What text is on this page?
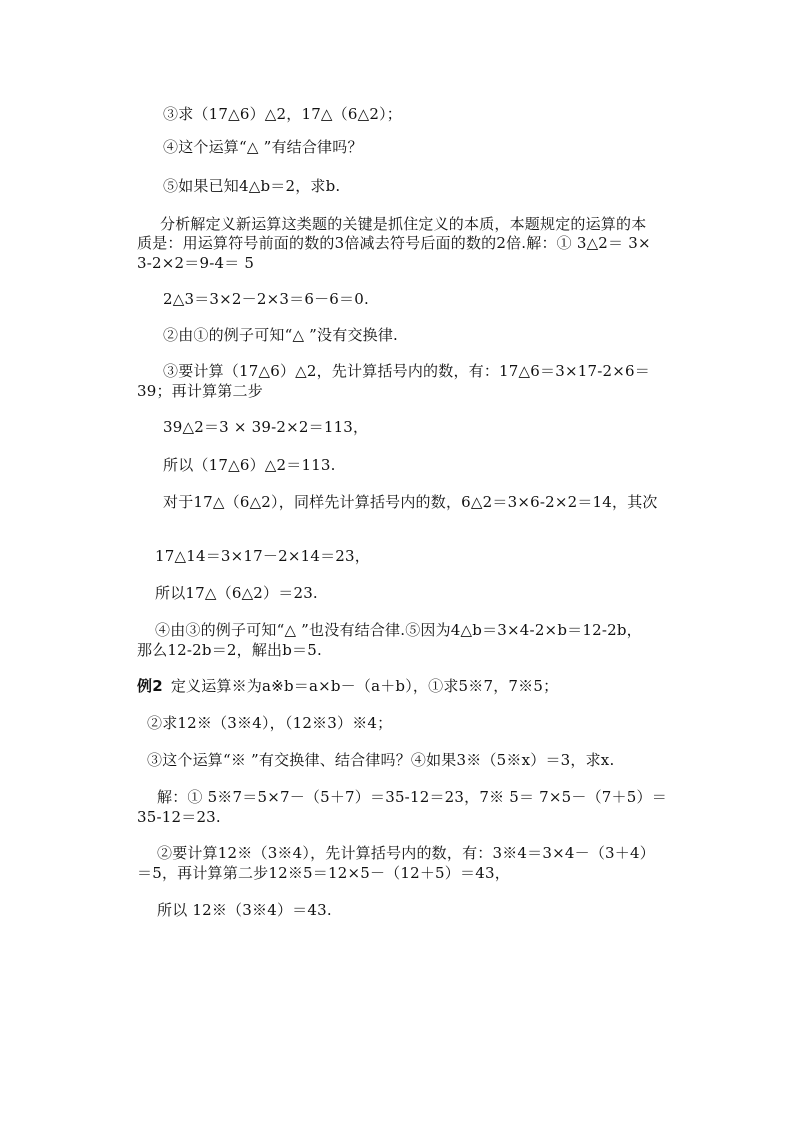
③求（17△6）△2，17△（6△2）；
④这个运算“△ ”有结合律吗？
⑤如果已知4△b＝2，求b.
分析解定义新运算这类题的关键是抓住定义的本质，本题规定的运算的本
质是：用运算符号前面的数的3倍减去符号后面的数的2倍.解：① 3△2＝ 3×
3-2×2＝9-4＝ 5
2△3＝3×2－2×3＝6－6＝0.
②由①的例子可知“△ ”没有交换律.
③要计算（17△6）△2，先计算括号内的数，有：17△6＝3×17-2×6＝
39；再计算第二步
39△2＝3 × 39-2×2＝113，
所以（17△6）△2＝113.
对于17△（6△2），同样先计算括号内的数，6△2＝3×6-2×2＝14，其次
17△14＝3×17－2×14＝23，
所以17△（6△2）＝23.
④由③的例子可知“△ ”也没有结合律.⑤因为4△b＝3×4-2×b＝12-2b，
那么12-2b＝2，解出b＝5.
例2 定义运算※为a※b＝a×b－（a＋b），①求5※7，7※5；
②求12※（3※4），（12※3）※4；
③这个运算“※ ”有交换律、结合律吗？④如果3※（5※x）＝3，求x.
解：① 5※7＝5×7－（5＋7）＝35-12＝23，7※ 5＝ 7×5－（7＋5）＝
35-12＝23.
②要计算12※（3※4），先计算括号内的数，有：3※4＝3×4－（3＋4）
＝5，再计算第二步12※5＝12×5－（12＋5）＝43，
所以 12※（3※4）＝43.
